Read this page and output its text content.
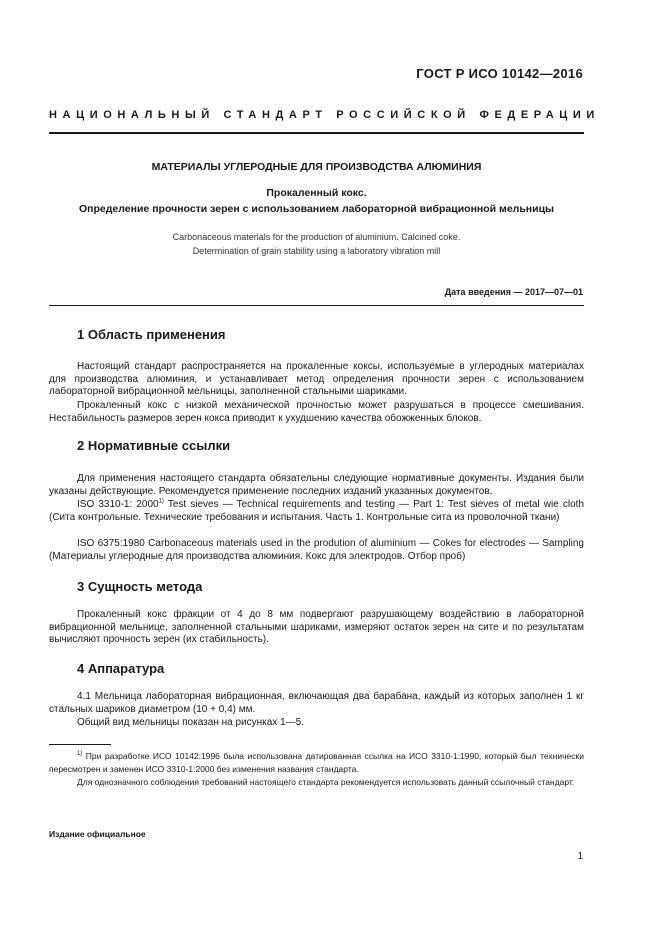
ГОСТ Р ИСО 10142—2016
НАЦИОНАЛЬНЫЙ СТАНДАРТ РОССИЙСКОЙ ФЕДЕРАЦИИ
МАТЕРИАЛЫ УГЛЕРОДНЫЕ ДЛЯ ПРОИЗВОДСТВА АЛЮМИНИЯ
Прокаленный кокс.
Определение прочности зерен с использованием лабораторной вибрационной мельницы
Carbonaceous materials for the production of aluminium. Calcined coke.
Determination of grain stability using a laboratory vibration mill
Дата введения — 2017—07—01
1 Область применения

Настоящий стандарт распространяется на прокаленные коксы, используемые в углеродных материалах для производства алюминия, и устанавливает метод определения прочности зерен с использованием лабораторной вибрационной мельницы, заполненной стальными шариками.

Прокаленный кокс с низкой механической прочностью может разрушаться в процессе смешивания. Нестабильность размеров зерен кокса приводит к ухудшению качества обожженных блоков.

2 Нормативные ссылки

Для применения настоящего стандарта обязательны следующие нормативные документы. Издания были указаны действующие. Рекомендуется применение последних изданий указанных документов.

ISO 3310-1: 2000$^{1)}$ Test sieves — Technical requirements and testing — Part 1: Test sieves of metal wie cloth (Сита контрольные. Технические требования и испытания. Часть 1. Контрольные сита из проволочной ткани)

ISO 6375:1980 Carbonaceous materials used in the prodution of aluminium — Cokes for electrodes — Sampling (Материалы углеродные для производства алюминия. Кокс для электродов. Отбор проб)

3 Сущность метода

Прокаленный кокс фракции от 4 до 8 мм подвергают разрушающему воздействию в лабораторной вибрационной мельнице, заполненной стальными шариками, измеряют остаток зерен на сите и по результатам вычисляют прочность зерен (их стабильность).

4 Аппаратура

4.1 Мельница лабораторная вибрационная, включающая два барабана, каждый из которых заполнен 1 кг стальных шариков диаметром (10 + 0,4) мм.

Общий вид мельницы показан на рисунках 1—5.

$^{1)}$ При разработке ИСО 10142:1996 была использована датированная ссылка на ИСО 3310-1:1990, который был технически пересмотрен и заменен ИСО 3310-1:2000 без изменения названия стандарта.

Для однозначного соблюдения требований настоящего стандарта рекомендуется использовать данный ссылочный стандарт.

Издание официальное
1
